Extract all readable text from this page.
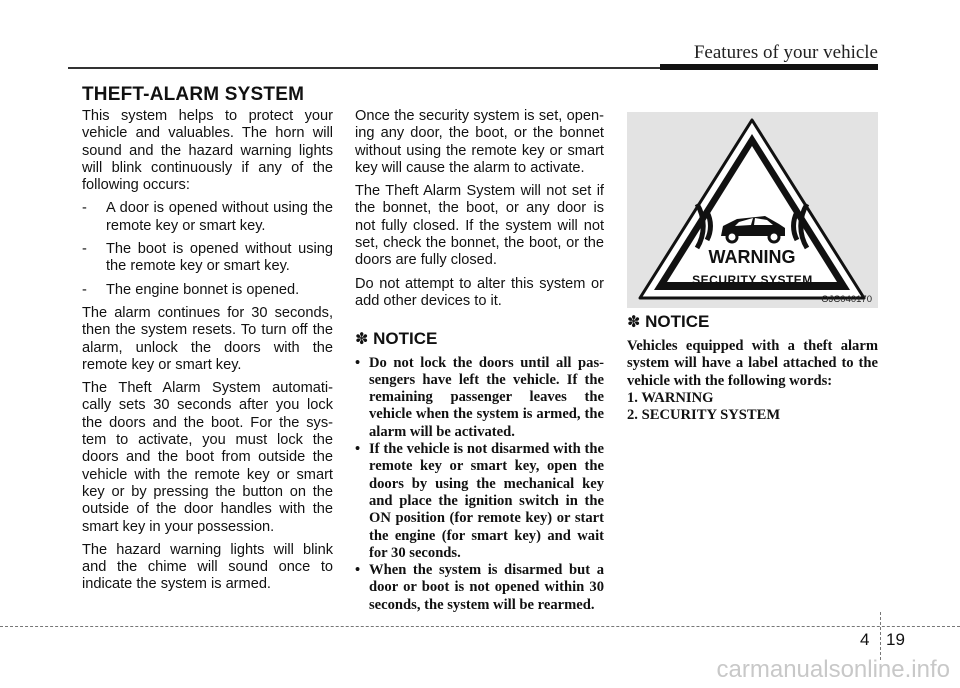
Features of your vehicle
THEFT-ALARM SYSTEM

This system helps to protect your vehicle and valuables. The horn will sound and the hazard warning lights will blink continuously if any of the following occurs:

- A door is opened without using the remote key or smart key.
- The boot is opened without using the remote key or smart key.
- The engine bonnet is opened.

The alarm continues for 30 seconds, then the system resets. To turn off the alarm, unlock the doors with the remote key or smart key.

The Theft Alarm System automati- cally sets 30 seconds after you lock the doors and the boot. For the sys- tem to activate, you must lock the doors and the boot from outside the vehicle with the remote key or smart key or by pressing the button on the outside of the door handles with the smart key in your possession.

The hazard warning lights will blink and the chime will sound once to indicate the system is armed.

Once the security system is set, open- ing any door, the boot, or the bonnet without using the remote key or smart key will cause the alarm to activate.

The Theft Alarm System will not set if the bonnet, the boot, or any door is not fully closed. If the system will not set, check the bonnet, the boot, or the doors are fully closed.

Do not attempt to alter this system or add other devices to it.

✽ NOTICE
• Do not lock the doors until all pas- sengers have left the vehicle. If the remaining passenger leaves the vehicle when the system is armed, the alarm will be activated.
• If the vehicle is not disarmed with the remote key or smart key, open the doors by using the mechanical key and place the ignition switch in the ON position (for remote key) or start the engine (for smart key) and wait for 30 seconds.
• When the system is disarmed but a door or boot is not opened within 30 seconds, the system will be rearmed.
WARNING
SECURITY SYSTEM
OJC040170
✽ NOTICE
Vehicles equipped with a theft alarm system will have a label attached to the vehicle with the following words:
1. WARNING
2. SECURITY SYSTEM
4 19
carmanualsonline.info
